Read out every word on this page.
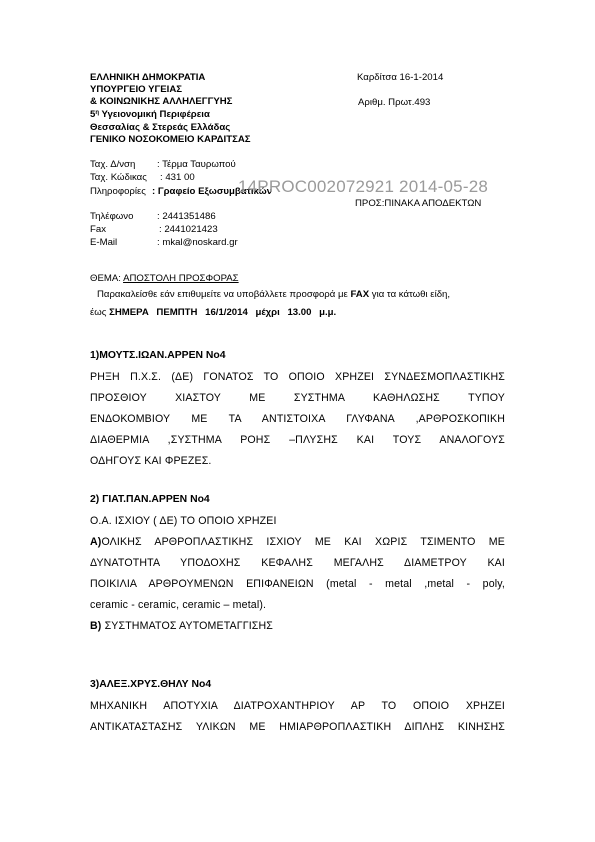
ΕΛΛΗΝΙΚΗ ΔΗΜΟΚΡΑΤΙΑ
ΥΠΟΥΡΓΕΙΟ ΥΓΕΙΑΣ
& ΚΟΙΝΩΝΙΚΗΣ ΑΛΛΗΛΕΓΓΥΗΣ
$5^\eta$ Υγειονομική Περιφέρεια
Θεσσαλίας & Στερεάς Ελλάδας
ΓΕΝΙΚΟ ΝΟΣΟΚΟΜΕΙΟ ΚΑΡΔΙΤΣΑΣ
Καρδίτσα 16-1-2014
Αριθμ. Πρωτ.493
Ταχ. Δ/νση : Τέρμα Ταυρωπού
Ταχ. Κώδικας : 431 00
Πληροφορίες : Γραφείο Εξωσυμβατικών
14PROC002072921 2014-05-28
ΠΡΟΣ:ΠΙΝΑΚΑ ΑΠΟΔΕΚΤΩΝ
Τηλέφωνο : 2441351486
Fax	: 2441021423
E-Mail	: mkal@noskard.gr
ΘΕΜΑ: ΑΠΟΣΤΟΛΗ ΠΡΟΣΦΟΡΑΣ
Παρακαλείσθε εάν επιθυμείτε να υποβάλλετε προσφορά με FAX για τα κάτωθι είδη,
έως ΣΗΜΕΡΑ ΠΕΜΠΤΗ 16/1/2014 μέχρι 13.00 μ.μ.
1)ΜΟΥΤΣ.ΙΩΑΝ.ΑΡΡΕΝ Νο4
ΡΗΞΗ Π.Χ.Σ. (ΔΕ) ΓΟΝΑΤΟΣ ΤΟ ΟΠΟΙΟ ΧΡΗΖΕΙ ΣΥΝΔΕΣΜΟΠΛΑΣΤΙΚΗΣ
ΠΡΟΣΘΙΟΥ ΧΙΑΣΤΟΥ ΜΕ ΣΥΣΤΗΜΑ ΚΑΘΗΛΩΣΗΣ ΤΥΠΟΥ
ΕΝΔΟΚΟΜΒΙΟΥ ΜΕ ΤΑ ΑΝΤΙΣΤΟΙΧΑ ΓΛΥΦΑΝΑ ,ΑΡΘΡΟΣΚΟΠΙΚΗ
ΔΙΑΘΕΡΜΙΑ ,ΣΥΣΤΗΜΑ ΡΟΗΣ –ΠΛΥΣΗΣ ΚΑΙ ΤΟΥΣ ΑΝΑΛΟΓΟΥΣ
ΟΔΗΓΟΥΣ ΚΑΙ ΦΡΕΖΕΣ.
2) ΓΙΑΤ.ΠΑΝ.ΑΡΡΕΝ Νο4
Ο.Α. ΙΣΧΙΟΥ ( ΔΕ) ΤΟ ΟΠΟΙΟ ΧΡΗΖΕΙ
Α)ΟΛΙΚΗΣ ΑΡΘΡΟΠΛΑΣΤΙΚΗΣ ΙΣΧΙΟΥ ΜΕ ΚΑΙ ΧΩΡΙΣ ΤΣΙΜΕΝΤΟ ΜΕ
ΔΥΝΑΤΟΤΗΤΑ ΥΠΟΔΟΧΗΣ ΚΕΦΑΛΗΣ ΜΕΓΑΛΗΣ ΔΙΑΜΕΤΡΟΥ ΚΑΙ
ΠΟΙΚΙΛΙΑ ΑΡΘΡΟΥΜΕΝΩΝ ΕΠΙΦΑΝΕΙΩΝ (metal - metal ,metal - poly,
ceramic - ceramic, ceramic – metal).
Β) ΣΥΣΤΗΜΑΤΟΣ ΑΥΤΟΜΕΤΑΓΓΙΣΗΣ
3)ΑΛΕΞ.ΧΡΥΣ.ΘΗΛΥ Νο4
ΜΗΧΑΝΙΚΗ ΑΠΟΤΥΧΙΑ ΔΙΑΤΡΟΧΑΝΤΗΡΙΟΥ ΑΡ ΤΟ ΟΠΟΙΟ ΧΡΗΖΕΙ
ΑΝΤΙΚΑΤΑΣΤΑΣΗΣ ΥΛΙΚΩΝ ΜΕ ΗΜΙΑΡΘΡΟΠΛΑΣΤΙΚΗ ΔΙΠΛΗΣ ΚΙΝΗΣΗΣ
